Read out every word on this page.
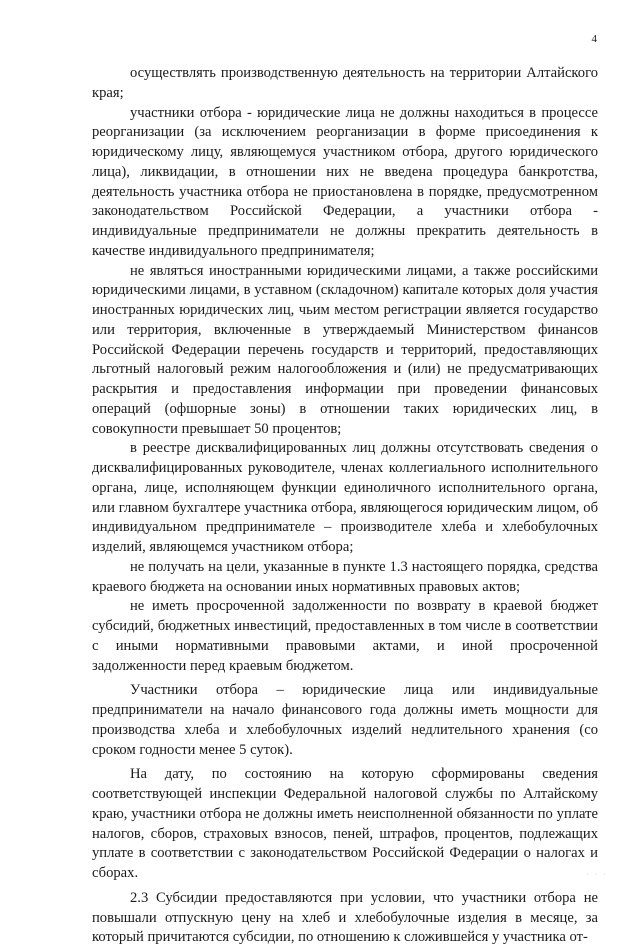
4

осуществлять производственную деятельность на территории Алтайского края;

участники отбора - юридические лица не должны находиться в процессе реорганизации (за исключением реорганизации в форме присоединения к юридическому лицу, являющемуся участником отбора, другого юридического лица), ликвидации, в отношении них не введена процедура банкротства, деятельность участника отбора не приостановлена в порядке, предусмотренном законодательством Российской Федерации, а участники отбора - индивидуальные предприниматели не должны прекратить деятельность в качестве индивидуального предпринимателя;

не являться иностранными юридическими лицами, а также российскими юридическими лицами, в уставном (складочном) капитале которых доля участия иностранных юридических лиц, чьим местом регистрации является государство или территория, включенные в утверждаемый Министерством финансов Российской Федерации перечень государств и территорий, предоставляющих льготный налоговый режим налогообложения и (или) не предусматривающих раскрытия и предоставления информации при проведении финансовых операций (офшорные зоны) в отношении таких юридических лиц, в совокупности превышает 50 процентов;

в реестре дисквалифицированных лиц должны отсутствовать сведения о дисквалифицированных руководителе, членах коллегиального исполнительного органа, лице, исполняющем функции единоличного исполнительного органа, или главном бухгалтере участника отбора, являющегося юридическим лицом, об индивидуальном предпринимателе – производителе хлеба и хлебобулочных изделий, являющемся участником отбора;

не получать на цели, указанные в пункте 1.3 настоящего порядка, средства краевого бюджета на основании иных нормативных правовых актов;

не иметь просроченной задолженности по возврату в краевой бюджет субсидий, бюджетных инвестиций, предоставленных в том числе в соответствии с иными нормативными правовыми актами, и иной просроченной задолженности перед краевым бюджетом.

Участники отбора – юридические лица или индивидуальные предприниматели на начало финансового года должны иметь мощности для производства хлеба и хлебобулочных изделий недлительного хранения (со сроком годности менее 5 суток).

На дату, по состоянию на которую сформированы сведения соответствующей инспекции Федеральной налоговой службы по Алтайскому краю, участники отбора не должны иметь неисполненной обязанности по уплате налогов, сборов, страховых взносов, пеней, штрафов, процентов, подлежащих уплате в соответствии с законодательством Российской Федерации о налогах и сборах.

2.3 Субсидии предоставляются при условии, что участники отбора не повышали отпускную цену на хлеб и хлебобулочные изделия в месяце, за который причитаются субсидии, по отношению к сложившейся у участника от-

· · ·
